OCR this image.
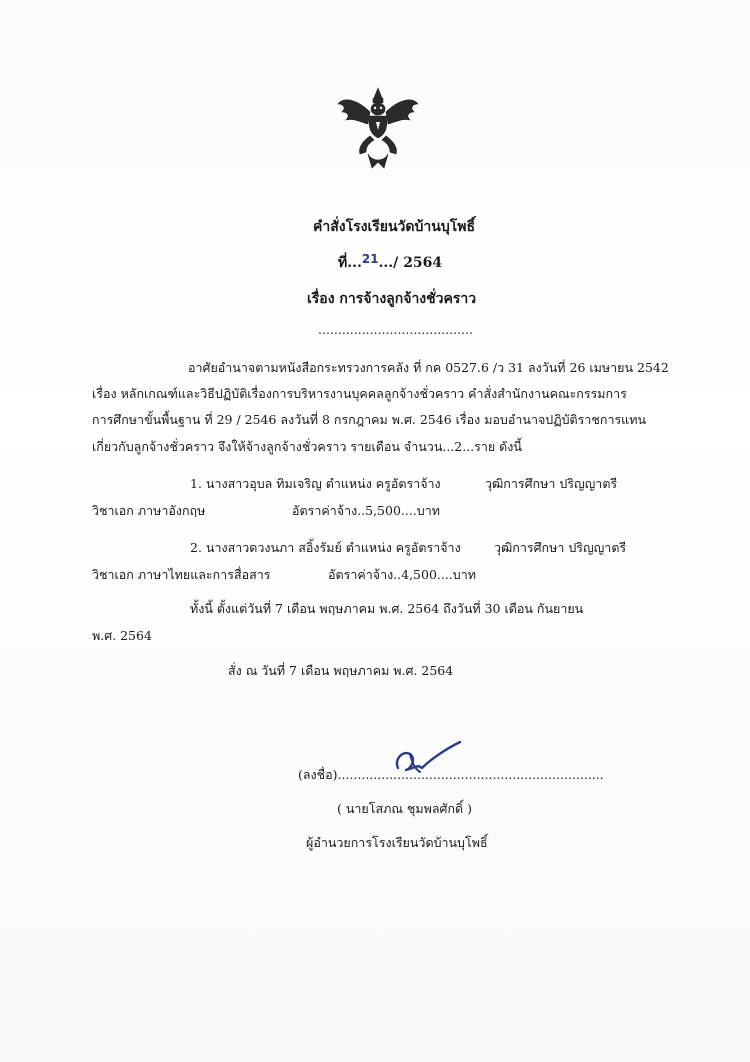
คำสั่งโรงเรียนวัดบ้านบุโพธิ์
ที่...21.../ 2564
เรื่อง การจ้างลูกจ้างชั่วคราว
.......................................
อาศัยอำนาจตามหนังสือกระทรวงการคลัง ที่ กค 0527.6 /ว 31 ลงวันที่ 26 เมษายน 2542
เรื่อง หลักเกณฑ์และวิธีปฏิบัติเรื่องการบริหารงานบุคคลลูกจ้างชั่วคราว คำสั่งสำนักงานคณะกรรมการ
การศึกษาขั้นพื้นฐาน ที่ 29 / 2546 ลงวันที่ 8 กรกฎาคม พ.ศ. 2546 เรื่อง มอบอำนาจปฏิบัติราชการแทน
เกี่ยวกับลูกจ้างชั่วคราว จึงให้จ้างลูกจ้างชั่วคราว รายเดือน จำนวน...2...ราย ดังนี้
1. นางสาวอุบล ทิมเจริญ ตำแหน่ง ครูอัตราจ้าง	วุฒิการศึกษา ปริญญาตรี
วิชาเอก ภาษาอังกฤษ	อัตราค่าจ้าง..5,500....บาท
2. นางสาวดวงนภา สอิ้งรัมย์ ตำแหน่ง ครูอัตราจ้าง	วุฒิการศึกษา ปริญญาตรี
วิชาเอก ภาษาไทยและการสื่อสาร	อัตราค่าจ้าง..4,500....บาท
ทั้งนี้ ตั้งแต่วันที่ 7 เดือน พฤษภาคม พ.ศ. 2564 ถึงวันที่ 30 เดือน กันยายน
พ.ศ. 2564
สั่ง ณ วันที่ 7 เดือน พฤษภาคม พ.ศ. 2564
(ลงชื่อ)...................................................................
( นายโสภณ ชุมพลศักดิ์ )
ผู้อำนวยการโรงเรียนวัดบ้านบุโพธิ์
